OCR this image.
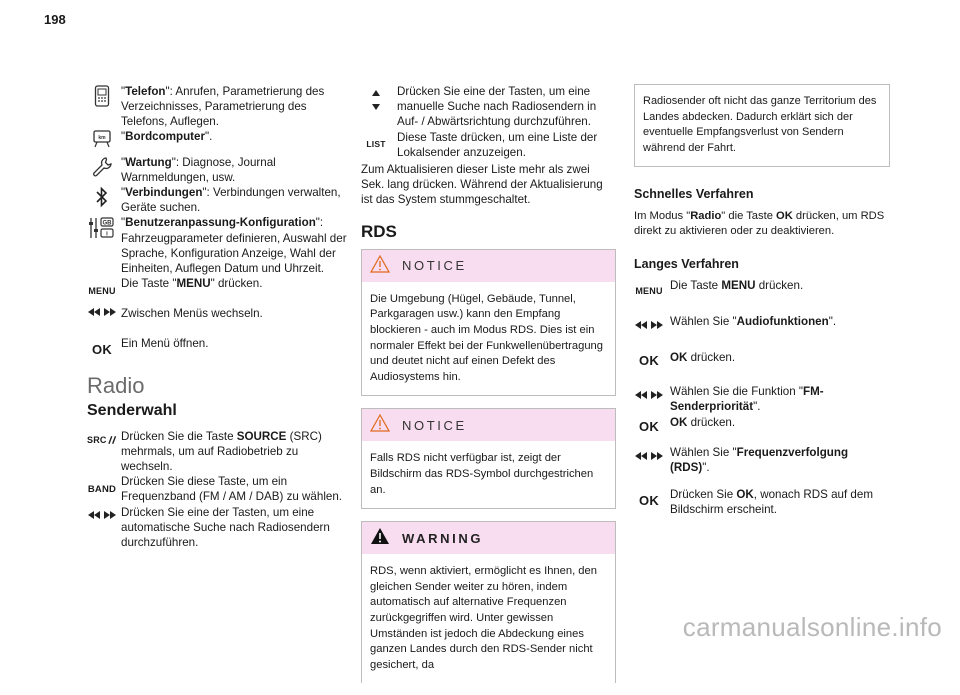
198
"Telefon": Anrufen, Parametrierung des Verzeichnisses, Parametrierung des Telefons, Auflegen.
km "Bordcomputer".
"Wartung": Diagnose, Journal Warnmeldungen, usw.
"Verbindungen": Verbindungen verwalten, Geräte suchen.
GB
i
"Benutzeranpassung-Konfiguration": Fahrzeugparameter definieren, Auswahl der Sprache, Konfiguration Anzeige, Wahl der Einheiten, Auflegen Datum und Uhrzeit.
MENU
Die Taste "MENU" drücken.
Zwischen Menüs wechseln.
OK Ein Menü öffnen.
Radio
Senderwahl
SRC Drücken Sie die Taste SOURCE (SRC) mehrmals, um auf Radiobetrieb zu wechseln.
BAND
Drücken Sie diese Taste, um ein Frequenzband (FM / AM / DAB) zu wählen.
Drücken Sie eine der Tasten, um eine automatische Suche nach Radiosendern durchzuführen.
Drücken Sie eine der Tasten, um eine manuelle Suche nach Radiosendern in Auf- / Abwärtsrichtung durchzuführen.
LIST Diese Taste drücken, um eine Liste der Lokalsender anzuzeigen.
Zum Aktualisieren dieser Liste mehr als zwei Sek. lang drücken. Während der Aktualisierung ist das System stummgeschaltet.
RDS
NOTICE
Die Umgebung (Hügel, Gebäude, Tunnel, Parkgaragen usw.) kann den Empfang blockieren - auch im Modus RDS. Dies ist ein normaler Effekt bei der Funkwellenübertragung und deutet nicht auf einen Defekt des Audiosystems hin.
NOTICE
Falls RDS nicht verfügbar ist, zeigt der Bildschirm das RDS-Symbol durchgestrichen an.
WARNING
RDS, wenn aktiviert, ermöglicht es Ihnen, den gleichen Sender weiter zu hören, indem automatisch auf alternative Frequenzen zurückgegriffen wird. Unter gewissen Umständen ist jedoch die Abdeckung eines ganzen Landes durch den RDS-Sender nicht gesichert, da
Radiosender oft nicht das ganze Territorium des Landes abdecken. Dadurch erklärt sich der eventuelle Empfangsverlust von Sendern während der Fahrt.
Schnelles Verfahren
Im Modus "Radio" die Taste OK drücken, um RDS direkt zu aktivieren oder zu deaktivieren.
Langes Verfahren
MENU Die Taste MENU drücken.
Wählen Sie "Audiofunktionen".
OK OK drücken.
Wählen Sie die Funktion "FM-Senderpriorität".
OK OK drücken.
Wählen Sie "Frequenzverfolgung (RDS)".
OK Drücken Sie OK, wonach RDS auf dem Bildschirm erscheint.
carmanualsonline.info
